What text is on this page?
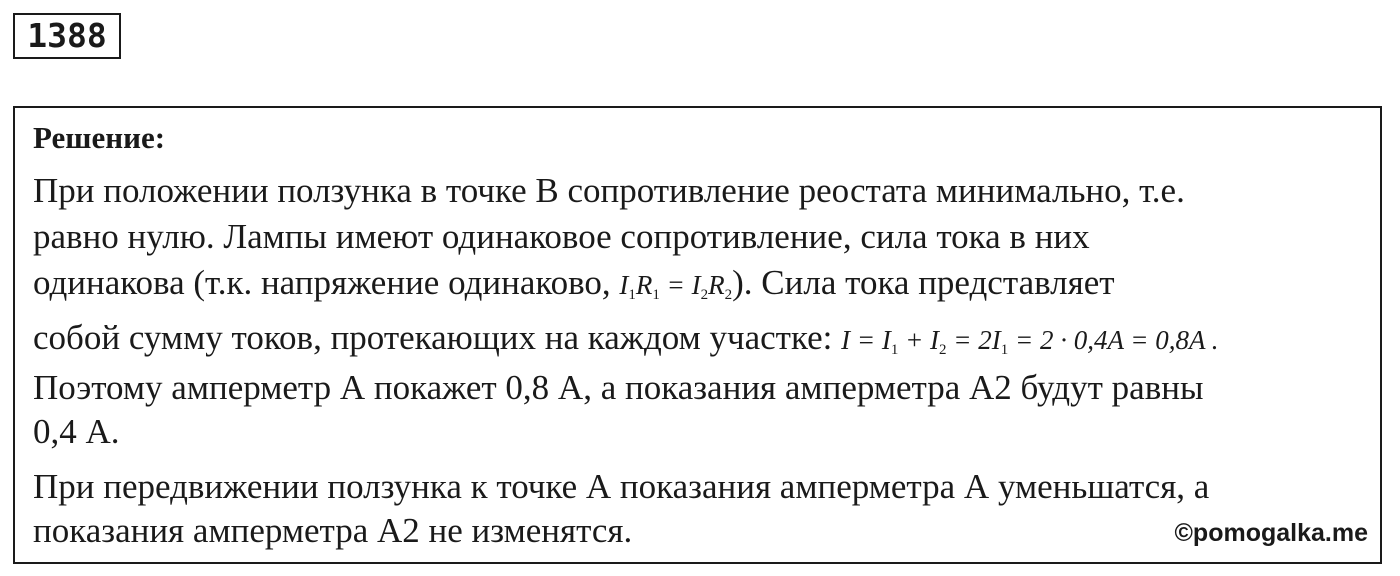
1388
Решение:
При положении ползунка в точке В сопротивление реостата минимально, т.е.
равно нулю. Лампы имеют одинаковое сопротивление, сила тока в них
одинакова (т.к. напряжение одинаково, $I_1R_1 = I_2R_2$). Сила тока представляет
собой сумму токов, протекающих на каждом участке: $I = I_1 + I_2 = 2I_1 = 2 \cdot 0,4A = 0,8A$ .
Поэтому амперметр А покажет 0,8 А, а показания амперметра А2 будут равны
0,4 А.
При передвижении ползунка к точке А показания амперметра А уменьшатся, а
показания амперметра А2 не изменятся.	©pomogalka.me
